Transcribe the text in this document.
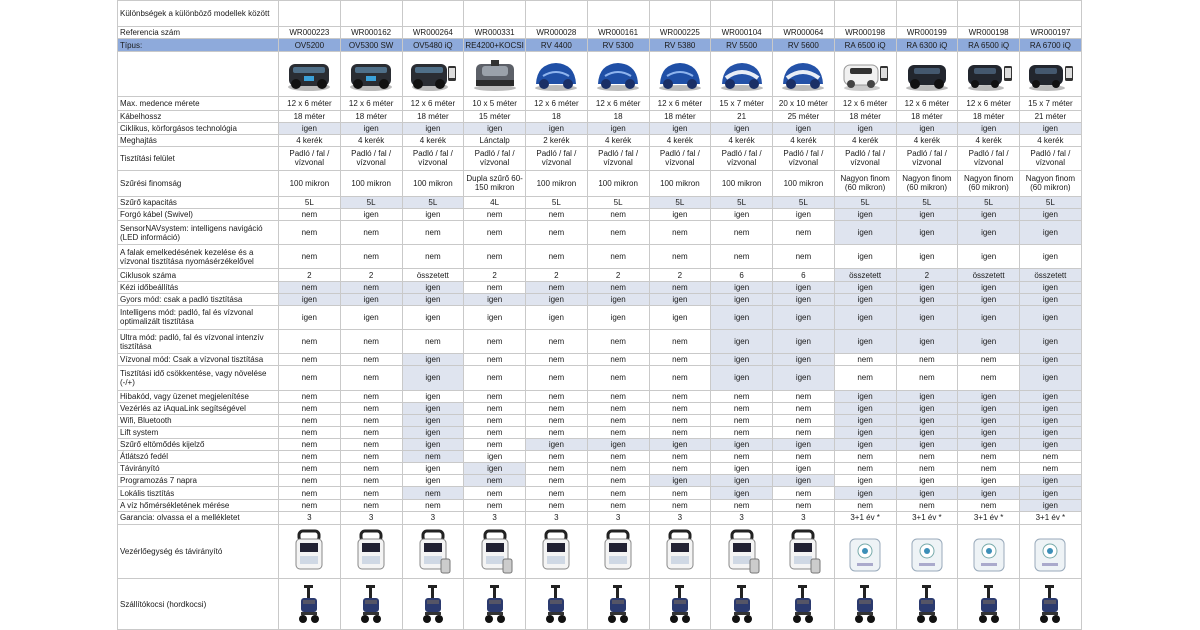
Különbségek a különböző modellek között													
Referencia szám	WR000223	WR000162	WR000264	WR000331	WR000028	WR000161	WR000225	WR000104	WR000064	WR000198	WR000199	WR000198	WR000197
Típus:	OV5200	OV5300 SW	OV5480 iQ	RE4200+KOCSI	RV 4400	RV 5300	RV 5380	RV 5500	RV 5600	RA 6500 iQ	RA 6300 iQ	RA 6500 iQ	RA 6700 iQ

Max. medence mérete	12 x 6 méter	12 x 6 méter	12 x 6 méter	10 x 5 méter	12 x 6 méter	12 x 6 méter	12 x 6 méter	15 x 7 méter	20 x 10 méter	12 x 6 méter	12 x 6 méter	12 x 6 méter	15 x 7 méter
Kábelhossz	18 méter	18 méter	18 méter	15 méter	18	18	18 méter	21	25 méter	18 méter	18 méter	18 méter	21 méter
Ciklikus, körforgásos technológia	igen	igen	igen	igen	igen	igen	igen	igen	igen	igen	igen	igen	igen
Meghajtás	4 kerék	4 kerék	4 kerék	Lánctalp	2 kerék	4 kerék	4 kerék	4 kerék	4 kerék	4 kerék	4 kerék	4 kerék	4 kerék
Tisztítási felület	Padló / fal / vízvonal	Padló / fal / vízvonal	Padló / fal / vízvonal	Padló / fal / vízvonal	Padló / fal / vízvonal	Padló / fal / vízvonal	Padló / fal / vízvonal	Padló / fal / vízvonal	Padló / fal / vízvonal	Padló / fal / vízvonal	Padló / fal / vízvonal	Padló / fal / vízvonal	Padló / fal / vízvonal
Szűrési finomság	100 mikron	100 mikron	100 mikron	Dupla szűrő 60-150 mikron	100 mikron	100 mikron	100 mikron	100 mikron	100 mikron	Nagyon finom (60 mikron)	Nagyon finom (60 mikron)	Nagyon finom (60 mikron)	Nagyon finom (60 mikron)
Szűrő kapacitás	5L	5L	5L	4L	5L	5L	5L	5L	5L	5L	5L	5L	5L
Forgó kábel (Swivel)	nem	igen	igen	nem	nem	nem	igen	igen	igen	igen	igen	igen	igen
SensorNAVsystem: intelligens navigáció (LED információ)	nem	nem	nem	nem	nem	nem	nem	nem	nem	igen	igen	igen	igen
A falak emelkedésének kezelése és a vízvonal tisztítása nyomásérzékelővel	nem	nem	nem	nem	nem	nem	nem	nem	nem	igen	igen	igen	igen
Ciklusok száma	2	2	összetett	2	2	2	2	6	6	összetett	2	összetett	összetett
Kézi időbeállítás	nem	nem	igen	nem	nem	nem	nem	igen	igen	igen	igen	igen	igen
Gyors mód: csak a padló tisztítása	igen	igen	igen	igen	igen	igen	igen	igen	igen	igen	igen	igen	igen
Intelligens mód: padló, fal és vízvonal optimalizált tisztítása	igen	igen	igen	igen	igen	igen	igen	igen	igen	igen	igen	igen	igen
Ultra mód: padló, fal és vízvonal intenzív tisztítása	nem	nem	nem	nem	nem	nem	nem	igen	igen	igen	igen	igen	igen
Vízvonal mód: Csak a vízvonal tisztítása	nem	nem	igen	nem	nem	nem	nem	igen	igen	nem	nem	nem	igen
Tisztítási idő csökkentése, vagy növelése (-/+)	nem	nem	igen	nem	nem	nem	nem	igen	igen	nem	nem	nem	igen
Hibakód, vagy üzenet megjelenítése	nem	nem	igen	nem	nem	nem	nem	nem	nem	igen	igen	igen	igen
Vezérlés az iAquaLink segítségével	nem	nem	igen	nem	nem	nem	nem	nem	nem	igen	igen	igen	igen
Wifi, Bluetooth	nem	nem	igen	nem	nem	nem	nem	nem	nem	igen	igen	igen	igen
Lift system	nem	nem	igen	nem	nem	nem	nem	nem	nem	igen	igen	igen	igen
Szűrő eltömődés kijelző	nem	nem	igen	nem	igen	igen	igen	igen	igen	igen	igen	igen	igen
Átlátszó fedél	nem	nem	nem	igen	nem	nem	nem	nem	nem	nem	nem	nem	nem
Távirányító	nem	nem	igen	igen	nem	nem	nem	igen	igen	nem	nem	nem	nem
Programozás 7 napra	nem	nem	igen	nem	nem	nem	igen	igen	igen	igen	igen	igen	igen
Lokális tisztítás	nem	nem	nem	nem	nem	nem	nem	igen	nem	igen	igen	igen	igen
A víz hőmérsékletének mérése	nem	nem	nem	nem	nem	nem	nem	nem	nem	nem	nem	nem	igen
Garancia: olvassa el a mellékletet	3	3	3	3	3	3	3	3	3	3+1 év *	3+1 év *	3+1 év *	3+1 év *
Vezérlőegység és távirányító													
Szállítókocsi (hordkocsi)													
